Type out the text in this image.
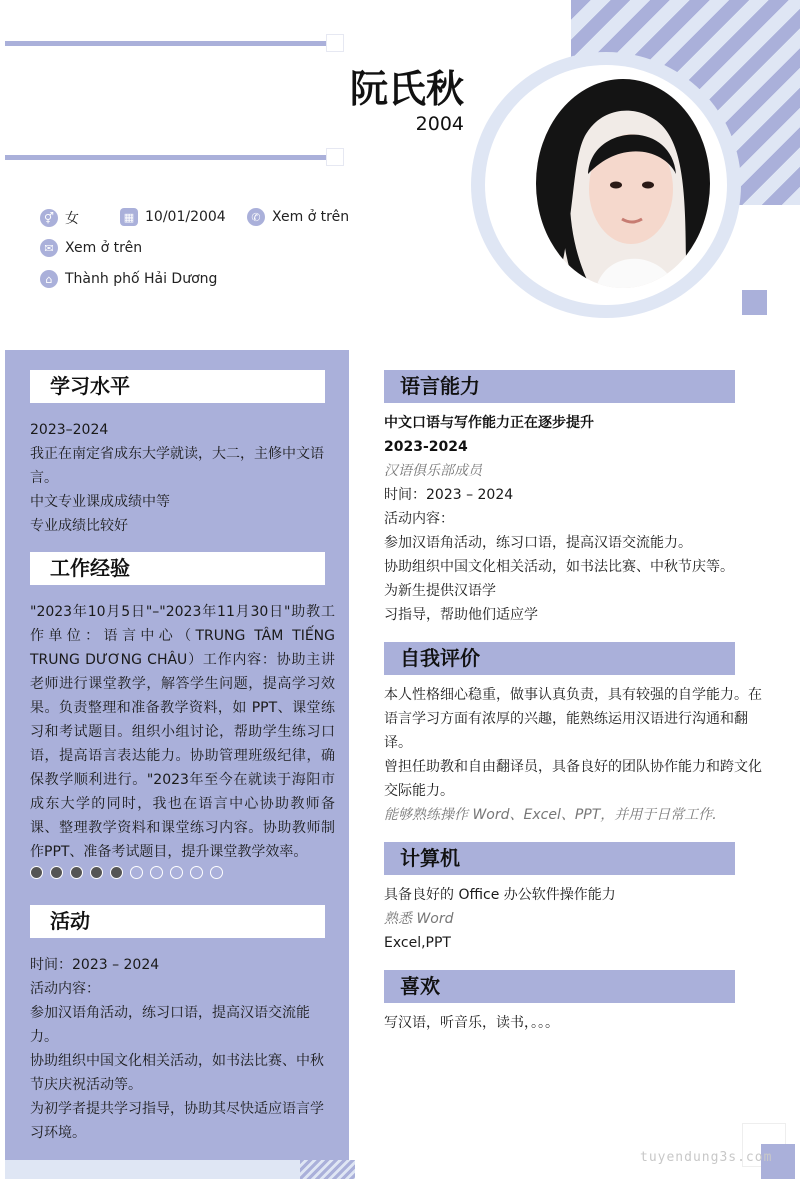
阮氏秋
2004
⚥ 女	▦ 10/01/2004	✆ Xem ở trên
✉ Xem ở trên
⌂ Thành phố Hải Dương
学习水平
2023–2024
我正在南定省成东大学就读，大二，主修中文语言。
中文专业课成成绩中等
专业成绩比较好
工作经验
"2023年10月5日"–"2023年11月30日"助教工作单位：语言中心（TRUNG TÂM TIẾNG TRUNG DƯƠNG CHÂU）工作内容：协助主讲老师进行课堂教学，解答学生问题，提高学习效果。负责整理和准备教学资料，如 PPT、课堂练习和考试题目。组织小组讨论，帮助学生练习口语，提高语言表达能力。协助管理班级纪律，确保教学顺利进行。"2023年至今在就读于海阳市成东大学的同时，我也在语言中心协助教师备课、整理教学资料和课堂练习内容。协助教师制作PPT、准备考试题目，提升课堂教学效率。
活动
时间：2023 – 2024
活动内容：
参加汉语角活动，练习口语，提高汉语交流能力。
协助组织中国文化相关活动，如书法比赛、中秋节庆庆祝活动等。
为初学者提共学习指导，协助其尽快适应语言学习环境。
语言能力
中文口语与写作能力正在逐步提升
2023-2024
汉语俱乐部成员
时间：2023 – 2024
活动内容：
参加汉语角活动，练习口语，提高汉语交流能力。
协助组织中国文化相关活动，如书法比赛、中秋节庆等。
为新生提供汉语学
习指导，帮助他们适应学
自我评价
本人性格细心稳重，做事认真负责，具有较强的自学能力。在语言学习方面有浓厚的兴趣，能熟练运用汉语进行沟通和翻译。
曾担任助教和自由翻译员，具备良好的团队协作能力和跨文化交际能力。
能够熟练操作 Word、Excel、PPT，并用于日常工作.
计算机
具备良好的 Office 办公软件操作能力
熟悉 Word
Excel,PPT
喜欢
写汉语，听音乐，读书，。。。
tuyendung3s.com
